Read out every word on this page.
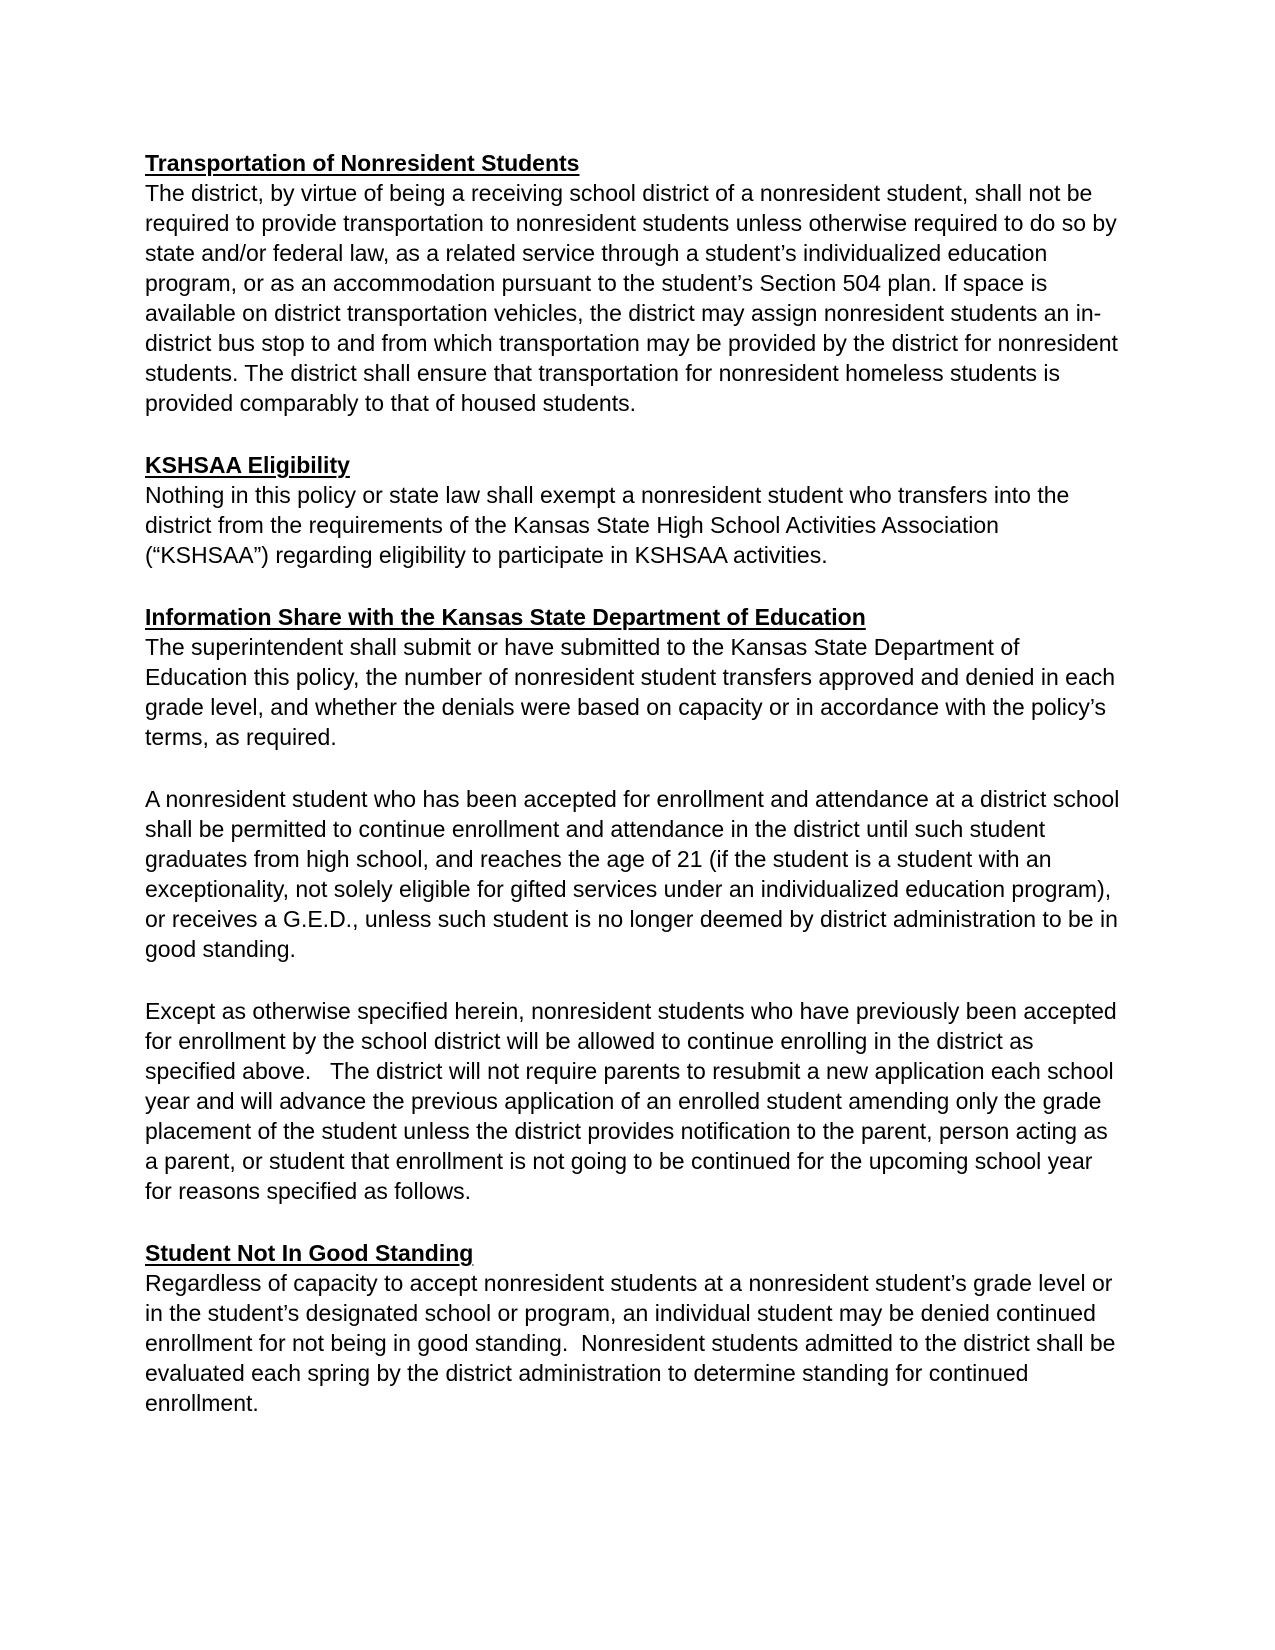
Transportation of Nonresident Students

The district, by virtue of being a receiving school district of a nonresident student, shall not be required to provide transportation to nonresident students unless otherwise required to do so by state and/or federal law, as a related service through a student’s individualized education program, or as an accommodation pursuant to the student’s Section 504 plan. If space is available on district transportation vehicles, the district may assign nonresident students an in-district bus stop to and from which transportation may be provided by the district for nonresident students. The district shall ensure that transportation for nonresident homeless students is provided comparably to that of housed students.

KSHSAA Eligibility

Nothing in this policy or state law shall exempt a nonresident student who transfers into the district from the requirements of the Kansas State High School Activities Association (“KSHSAA”) regarding eligibility to participate in KSHSAA activities.

Information Share with the Kansas State Department of Education

The superintendent shall submit or have submitted to the Kansas State Department of Education this policy, the number of nonresident student transfers approved and denied in each grade level, and whether the denials were based on capacity or in accordance with the policy’s terms, as required.

A nonresident student who has been accepted for enrollment and attendance at a district school shall be permitted to continue enrollment and attendance in the district until such student graduates from high school, and reaches the age of 21 (if the student is a student with an exceptionality, not solely eligible for gifted services under an individualized education program), or receives a G.E.D., unless such student is no longer deemed by district administration to be in good standing.

Except as otherwise specified herein, nonresident students who have previously been accepted for enrollment by the school district will be allowed to continue enrolling in the district as specified above.   The district will not require parents to resubmit a new application each school year and will advance the previous application of an enrolled student amending only the grade placement of the student unless the district provides notification to the parent, person acting as a parent, or student that enrollment is not going to be continued for the upcoming school year for reasons specified as follows.

Student Not In Good Standing

Regardless of capacity to accept nonresident students at a nonresident student’s grade level or in the student’s designated school or program, an individual student may be denied continued enrollment for not being in good standing.  Nonresident students admitted to the district shall be evaluated each spring by the district administration to determine standing for continued enrollment.
